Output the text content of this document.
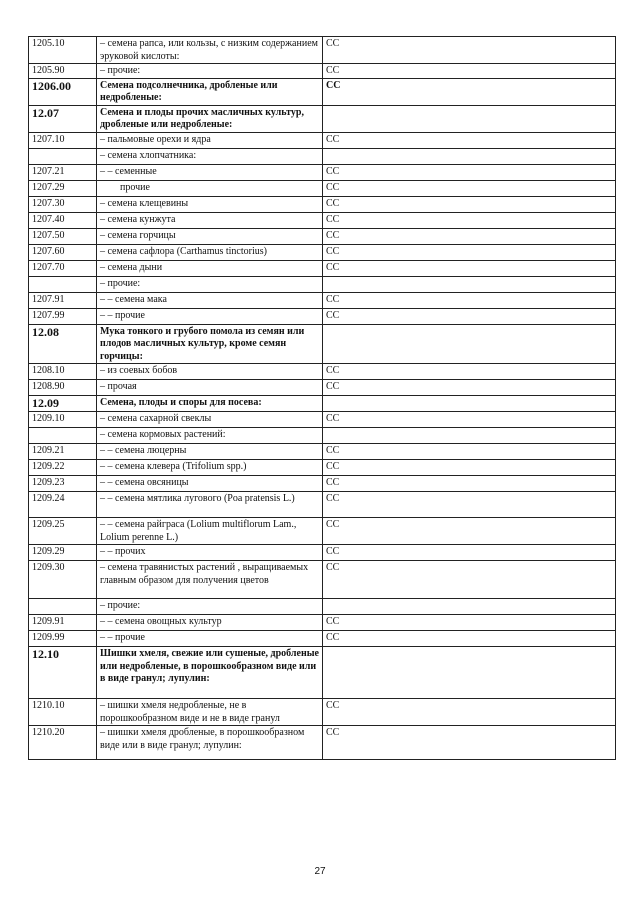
1205.10	– семена рапса, или кользы, с низким содержанием эруковой кислоты:	СС
1205.90	– прочие:	СС
1206.00	Семена подсолнечника, дробленые или недробленые:	СС
12.07	Семена и плоды прочих масличных культур, дробленые или недробленые:	
1207.10	– пальмовые орехи и ядра	СС
	– семена хлопчатника:	
1207.21	– – семенные	СС
1207.29	прочие	СС
1207.30	– семена клещевины	СС
1207.40	– семена кунжута	СС
1207.50	– семена горчицы	СС
1207.60	– семена сафлора (Carthamus tinctorius)	СС
1207.70	– семена дыни	СС
	– прочие:	
1207.91	– – семена мака	СС
1207.99	– – прочие	СС
12.08	Мука тонкого и грубого помола из семян или плодов масличных культур, кроме семян горчицы:	
1208.10	– из соевых бобов	СС
1208.90	– прочая	СС
12.09	Семена, плоды и споры для посева:	
1209.10	– семена сахарной свеклы	СС
	– семена кормовых растений:	
1209.21	– – семена люцерны	СС
1209.22	– – семена клевера (Trifolium spp.)	СС
1209.23	– – семена овсяницы	СС
1209.24	– – семена мятлика лугового (Poa pratensis L.)	СС
1209.25	– – семена райграса (Lolium multiflorum Lam., Lolium perenne L.)	СС
1209.29	– – прочих	СС
1209.30	– семена травянистых растений , выращиваемых главным образом для получения цветов	СС
	– прочие:	
1209.91	– – семена овощных культур	СС
1209.99	– – прочие	СС
12.10	Шишки хмеля, свежие или сушеные, дробленые или недробленые, в порошкообразном виде или в виде гранул; лупулин:	
1210.10	– шишки хмеля недробленые, не в порошкообразном виде и не в виде гранул	СС
1210.20	– шишки хмеля дробленые, в порошкообразном виде или в виде гранул; лупулин:	СС
27
